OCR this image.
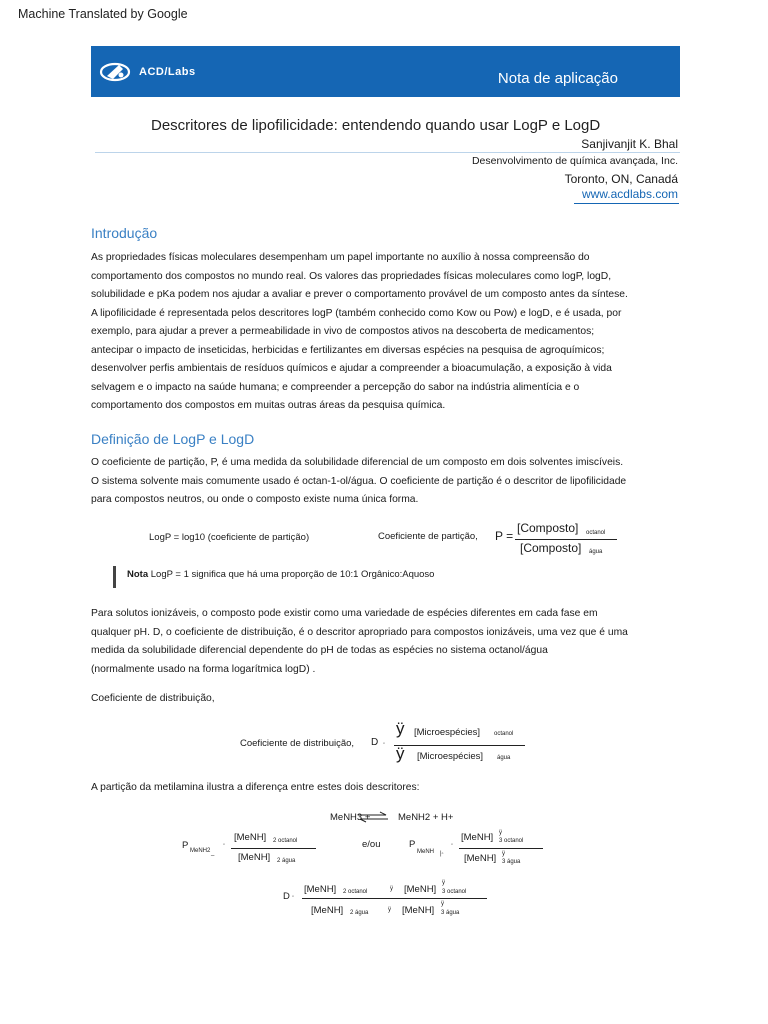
Machine Translated by Google
ACD/Labs	Nota de aplicação
Descritores de lipofilicidade: entendendo quando usar LogP e LogD
Sanjivanjit K. Bhal
Desenvolvimento de química avançada, Inc.
Toronto, ON, Canadá
www.acdlabs.com
Introdução
As propriedades físicas moleculares desempenham um papel importante no auxílio à nossa compreensão do
comportamento dos compostos no mundo real. Os valores das propriedades físicas moleculares como logP, logD,
solubilidade e pKa podem nos ajudar a avaliar e prever o comportamento provável de um composto antes da síntese.
A lipofilicidade é representada pelos descritores logP (também conhecido como Kow ou Pow) e logD, e é usada, por
exemplo, para ajudar a prever a permeabilidade in vivo de compostos ativos na descoberta de medicamentos;
antecipar o impacto de inseticidas, herbicidas e fertilizantes em diversas espécies na pesquisa de agroquímicos;
desenvolver perfis ambientais de resíduos químicos e ajudar a compreender a bioacumulação, a exposição à vida
selvagem e o impacto na saúde humana; e compreender a percepção do sabor na indústria alimentícia e o
comportamento dos compostos em muitas outras áreas da pesquisa química.
Definição de LogP e LogD
O coeficiente de partição, P, é uma medida da solubilidade diferencial de um composto em dois solventes imiscíveis.
O sistema solvente mais comumente usado é octan-1-ol/água. O coeficiente de partição é o descritor de lipofilicidade
para compostos neutros, ou onde o composto existe numa única forma.
LogP = log10 (coeficiente de partição)	Coeficiente de partição, P =
[Composto] octanol
[Composto] água
Nota LogP = 1 significa que há uma proporção de 10:1 Orgânico:Aquoso
Para solutos ionizáveis, o composto pode existir como uma variedade de espécies diferentes em cada fase em
qualquer pH. D, o coeficiente de distribuição, é o descritor apropriado para compostos ionizáveis, uma vez que é uma
medida da solubilidade diferencial dependente do pH de todas as espécies no sistema octanol/água
(normalmente usado na forma logarítmica logD) .
Coeficiente de distribuição,
Coeficiente de distribuição, D ◦
ÿ [Microespécies] octanol
ÿ [Microespécies] água
A partição da metilamina ilustra a diferença entre estes dois descritores:
MeNH3 + ⇌ MeNH2 + H+
P MeNH2 _
◦
[MeNH] 2 octanol
[MeNH] 2 água
e/ou	P
MeNH |◦
◦
[MeNH] ÿ
3 octanol
[MeNH] ÿ
3 água
D ◦
[MeNH] 2 octanol	ÿ [MeNH]
ÿ
3 octanol
[MeNH] 2 água	ÿ [MeNH]
ÿ
3 água
